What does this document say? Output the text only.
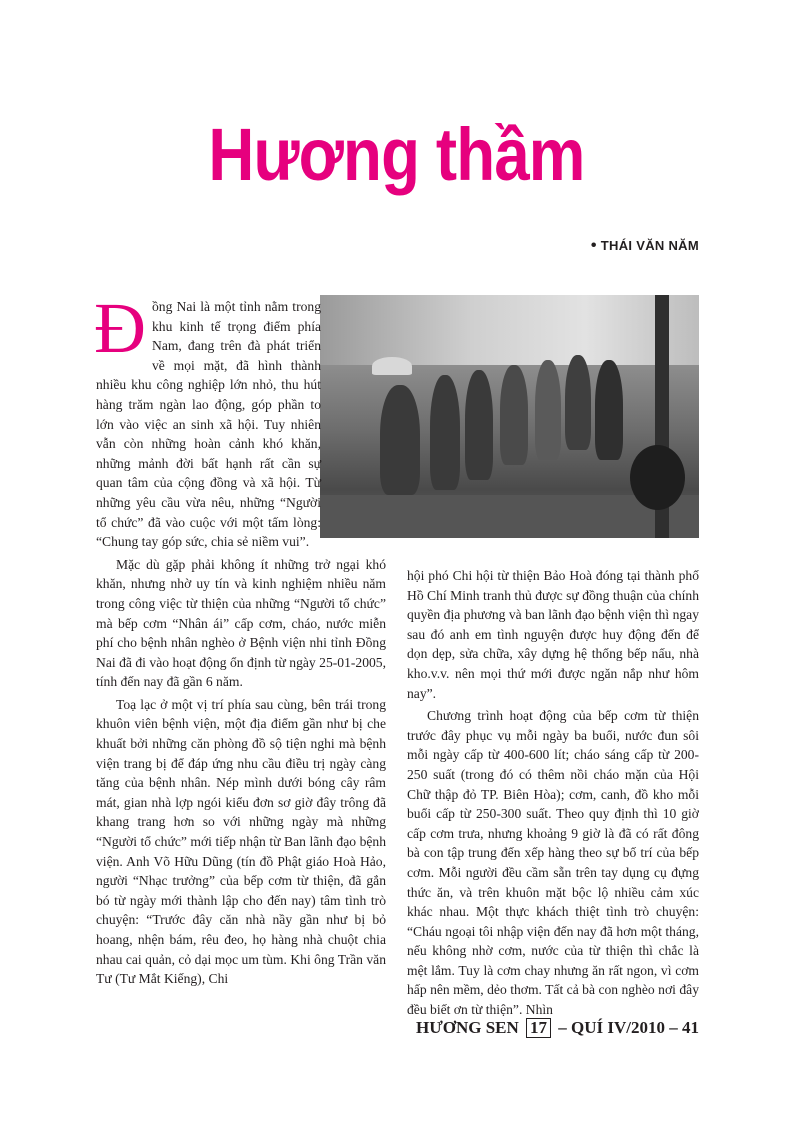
Hương thầm
• THÁI VĂN NĂM

Đồng Nai là một tỉnh nằm trong khu kinh tế trọng điểm phía Nam, đang trên đà phát triển về mọi mặt, đã hình thành nhiều khu công nghiệp lớn nhỏ, thu hút hàng trăm ngàn lao động, góp phần to lớn vào việc an sinh xã hội. Tuy nhiên vẫn còn những hoàn cảnh khó khăn, những mảnh đời bất hạnh rất cần sự quan tâm của cộng đồng và xã hội. Từ những yêu cầu vừa nêu, những “Người tổ chức” đã vào cuộc với một tấm lòng: “Chung tay góp sức, chia sẻ niềm vui”.

Mặc dù gặp phải không ít những trở ngại khó khăn, nhưng nhờ uy tín và kinh nghiệm nhiều năm trong công việc từ thiện của những “Người tổ chức” mà bếp cơm “Nhân ái” cấp cơm, cháo, nước miễn phí cho bệnh nhân nghèo ở Bệnh viện nhi tỉnh Đồng Nai đã đi vào hoạt động ổn định từ ngày 25-01-2005, tính đến nay đã gần 6 năm.

Toạ lạc ở một vị trí phía sau cùng, bên trái trong khuôn viên bệnh viện, một địa điểm gần như bị che khuất bởi những căn phòng đồ sộ tiện nghi mà bệnh viện trang bị để đáp ứng nhu cầu điều trị ngày càng tăng của bệnh nhân. Nép mình dưới bóng cây râm mát, gian nhà lợp ngói kiểu đơn sơ giờ đây trông đã khang trang hơn so với những ngày mà những “Người tổ chức” mới tiếp nhận từ Ban lãnh đạo bệnh viện. Anh Võ Hữu Dũng (tín đồ Phật giáo Hoà Hảo, người “Nhạc trưởng” của bếp cơm từ thiện, đã gắn bó từ ngày mới thành lập cho đến nay) tâm tình trò chuyện: “Trước đây căn nhà nầy gần như bị bỏ hoang, nhện bám, rêu đeo, họ hàng nhà chuột chia nhau cai quản, cỏ dại mọc um tùm. Khi ông Trần văn Tư (Tư Mắt Kiếng), Chi

hội phó Chi hội từ thiện Bảo Hoà đóng tại thành phố Hồ Chí Minh tranh thủ được sự đồng thuận của chính quyền địa phương và ban lãnh đạo bệnh viện thì ngay sau đó anh em tình nguyện được huy động đến để dọn dẹp, sửa chữa, xây dựng hệ thống bếp nấu, nhà kho.v.v. nên mọi thứ mới được ngăn nắp như hôm nay”.

Chương trình hoạt động của bếp cơm từ thiện trước đây phục vụ mỗi ngày ba buổi, nước đun sôi mỗi ngày cấp từ 400-600 lít; cháo sáng cấp từ 200-250 suất (trong đó có thêm nồi cháo mặn của Hội Chữ thập đỏ TP. Biên Hòa); cơm, canh, đồ kho mỗi buổi cấp từ 250-300 suất. Theo quy định thì 10 giờ cấp cơm trưa, nhưng khoảng 9 giờ là đã có rất đông bà con tập trung đến xếp hàng theo sự bố trí của bếp cơm. Mỗi người đều cầm sẵn trên tay dụng cụ đựng thức ăn, và trên khuôn mặt bộc lộ nhiều cảm xúc khác nhau. Một thực khách thiệt tình trò chuyện: “Cháu ngoại tôi nhập viện đến nay đã hơn một tháng, nếu không nhờ cơm, nước của từ thiện thì chắc là mệt lắm. Tuy là cơm chay nhưng ăn rất ngon, vì cơm hấp nên mềm, dẻo thơm. Tất cả bà con nghèo nơi đây đều biết ơn từ thiện”. Nhìn

HƯƠNG SEN 17 – QUÍ IV/2010 – 41
